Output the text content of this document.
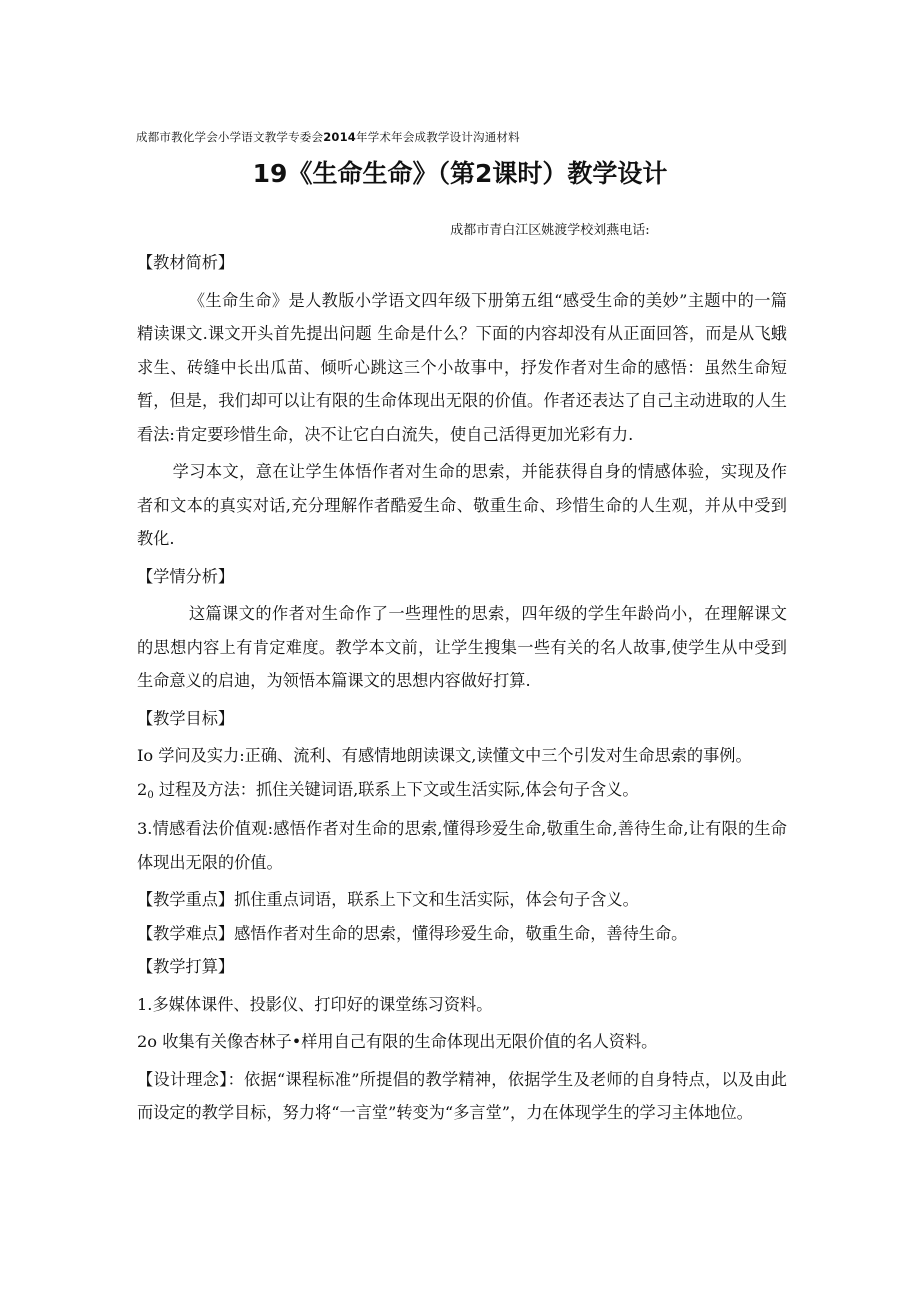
成都市教化学会小学语文教学专委会2014年学术年会成教学设计沟通材料
19《生命生命》（第2课时）教学设计
成都市青白江区姚渡学校刘燕电话:

【教材简析】

《生命生命》是人教版小学语文四年级下册第五组“感受生命的美妙”主题中的一篇精读课文.课文开头首先提出问题 生命是什么？下面的内容却没有从正面回答，而是从飞蛾求生、砖缝中长出瓜苗、倾听心跳这三个小故事中，抒发作者对生命的感悟：虽然生命短暂，但是，我们却可以让有限的生命体现出无限的价值。作者还表达了自己主动进取的人生看法:肯定要珍惜生命，决不让它白白流失，使自己活得更加光彩有力.

学习本文，意在让学生体悟作者对生命的思索，并能获得自身的情感体验，实现及作者和文本的真实对话,充分理解作者酷爱生命、敬重生命、珍惜生命的人生观，并从中受到教化.

【学情分析】

这篇课文的作者对生命作了一些理性的思索，四年级的学生年龄尚小，在理解课文的思想内容上有肯定难度。教学本文前，让学生搜集一些有关的名人故事,使学生从中受到生命意义的启迪，为领悟本篇课文的思想内容做好打算.

【教学目标】

Io 学问及实力:正确、流利、有感情地朗读课文,读懂文中三个引发对生命思索的事例。

$2_0$ 过程及方法：抓住关键词语,联系上下文或生活实际,体会句子含义。

3.情感看法价值观:感悟作者对生命的思索,懂得珍爱生命,敬重生命,善待生命,让有限的生命体现出无限的价值。

【教学重点】抓住重点词语，联系上下文和生活实际，体会句子含义。

【教学难点】感悟作者对生命的思索，懂得珍爱生命，敬重生命，善待生命。

【教学打算】

1.多媒体课件、投影仪、打印好的课堂练习资料。

2o 收集有关像杏林子•样用自己有限的生命体现出无限价值的名人资料。

【设计理念】：依据“课程标准”所提倡的教学精神，依据学生及老师的自身特点，以及由此而设定的教学目标，努力将“一言堂”转变为“多言堂”，力在体现学生的学习主体地位。
